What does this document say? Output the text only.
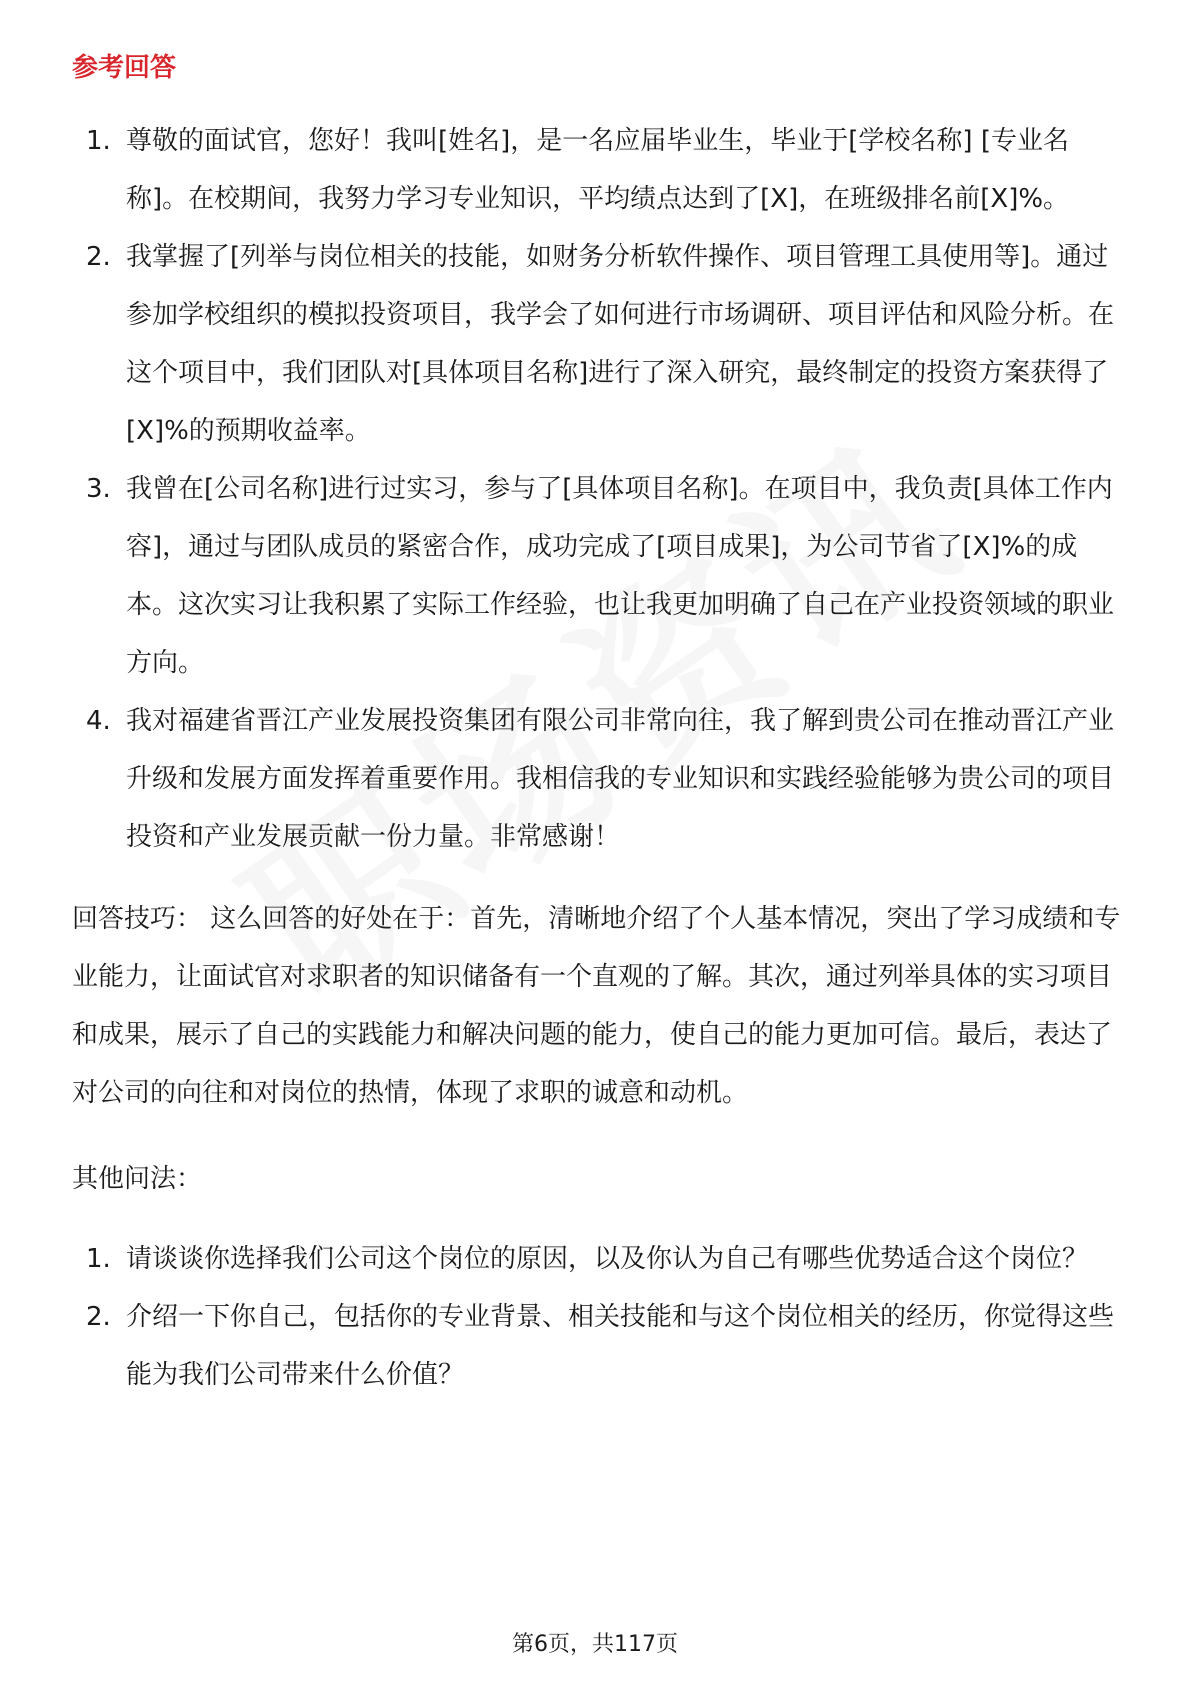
参考回答
1. 尊敬的面试官，您好！我叫[姓名]，是一名应届毕业生，毕业于[学校名称] [专业名称]。在校期间，我努力学习专业知识，平均绩点达到了[X]，在班级排名前[X]%。
2. 我掌握了[列举与岗位相关的技能，如财务分析软件操作、项目管理工具使用等]。通过参加学校组织的模拟投资项目，我学会了如何进行市场调研、项目评估和风险分析。在这个项目中，我们团队对[具体项目名称]进行了深入研究，最终制定的投资方案获得了[X]%的预期收益率。
3. 我曾在[公司名称]进行过实习，参与了[具体项目名称]。在项目中，我负责[具体工作内容]，通过与团队成员的紧密合作，成功完成了[项目成果]，为公司节省了[X]%的成本。这次实习让我积累了实际工作经验，也让我更加明确了自己在产业投资领域的职业方向。
4. 我对福建省晋江产业发展投资集团有限公司非常向往，我了解到贵公司在推动晋江产业升级和发展方面发挥着重要作用。我相信我的专业知识和实践经验能够为贵公司的项目投资和产业发展贡献一份力量。非常感谢！
回答技巧： 这么回答的好处在于：首先，清晰地介绍了个人基本情况，突出了学习成绩和专业能力，让面试官对求职者的知识储备有一个直观的了解。其次，通过列举具体的实习项目和成果，展示了自己的实践能力和解决问题的能力，使自己的能力更加可信。最后，表达了对公司的向往和对岗位的热情，体现了求职的诚意和动机。
其他问法：
1. 请谈谈你选择我们公司这个岗位的原因，以及你认为自己有哪些优势适合这个岗位？
2. 介绍一下你自己，包括你的专业背景、相关技能和与这个岗位相关的经历，你觉得这些能为我们公司带来什么价值？
第6页，共117页
